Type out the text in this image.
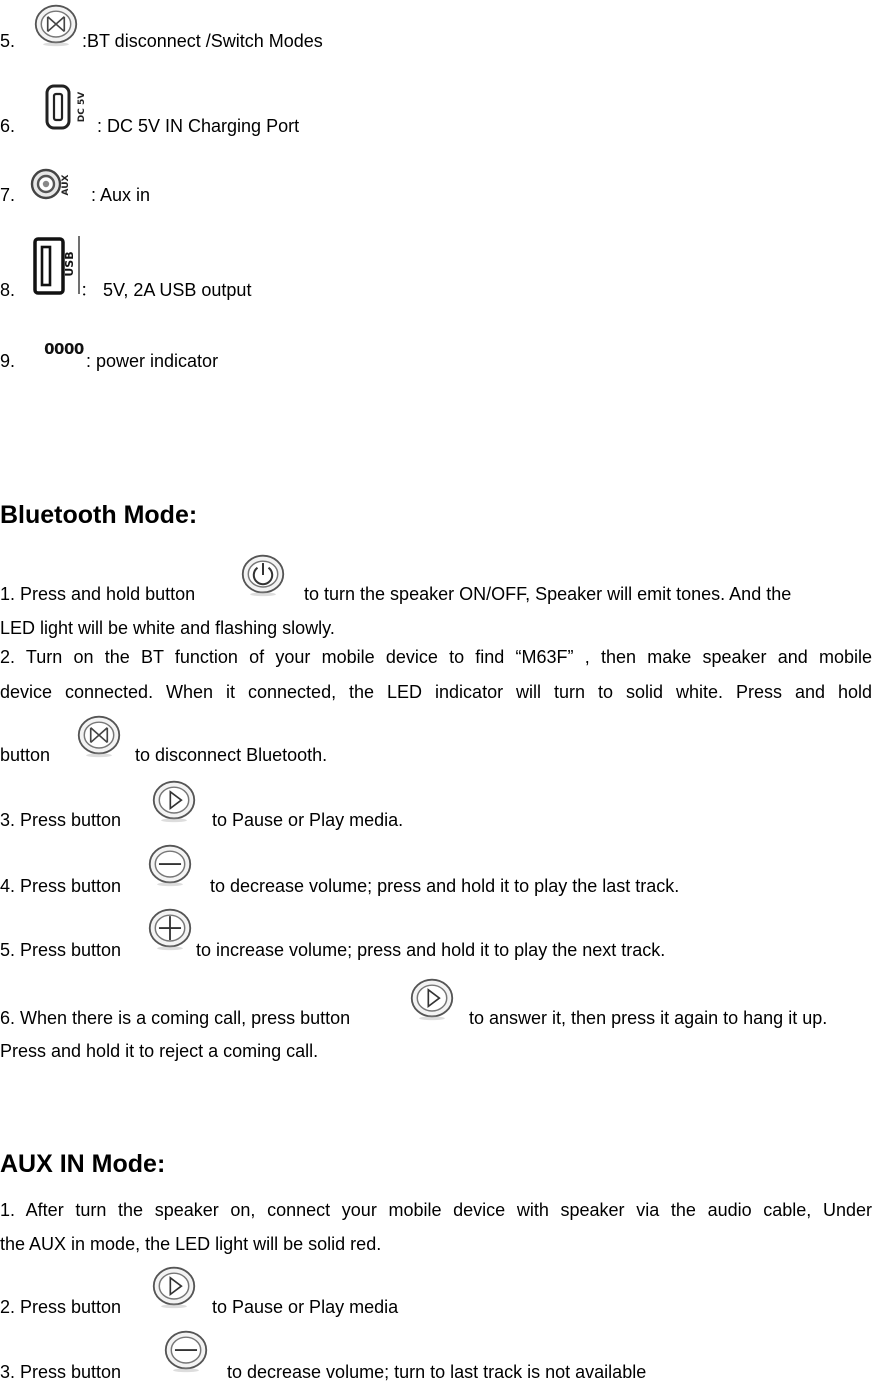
5.	:BT disconnect /Switch Modes
6.
DC 5V
: DC 5V IN Charging Port
7.	AUX : Aux in
8.
USB
： 5V, 2A USB output
9.
0000
: power indicator
Bluetooth Mode:
1. Press and hold button	to turn the speaker ON/OFF, Speaker will emit tones. And the
LED light will be white and flashing slowly.
2. Turn on the BT function of your mobile device to find “M63F” , then make speaker and mobile
device connected. When it connected, the LED indicator will turn to solid white. Press and hold
button	to disconnect Bluetooth.
3. Press button	to Pause or Play media.
4. Press button	to decrease volume; press and hold it to play the last track.
5. Press button	to increase volume; press and hold it to play the next track.
6. When there is a coming call, press button	to answer it, then press it again to hang it up.
Press and hold it to reject a coming call.
AUX IN Mode:
1. After turn the speaker on, connect your mobile device with speaker via the audio cable, Under
the AUX in mode, the LED light will be solid red.
2. Press button	to Pause or Play media
3. Press button	to decrease volume; turn to last track is not available
